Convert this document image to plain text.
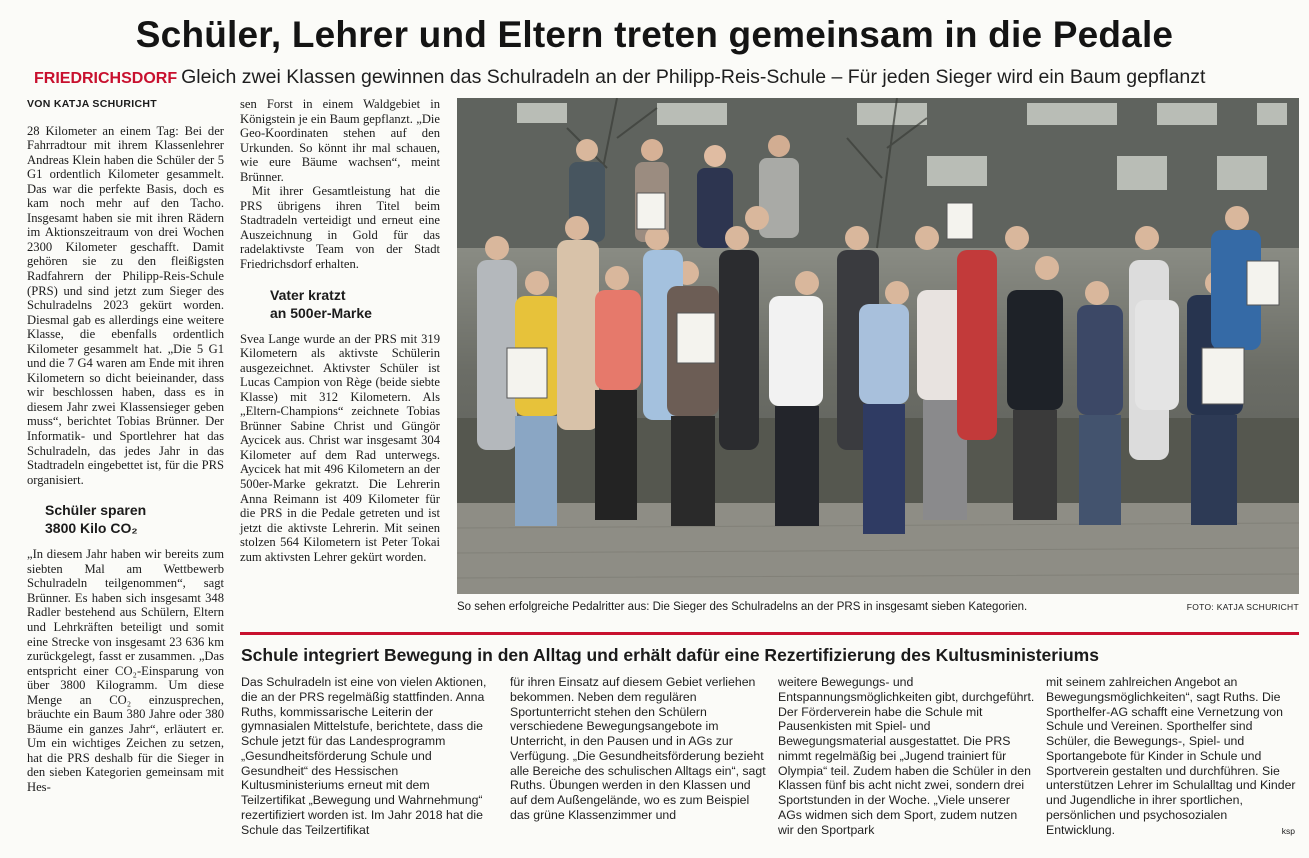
Schüler, Lehrer und Eltern treten gemeinsam in die Pedale
FRIEDRICHSDORF Gleich zwei Klassen gewinnen das Schulradeln an der Philipp-Reis-Schule – Für jeden Sieger wird ein Baum gepflanzt
VON KATJA SCHURICHT

28 Kilometer an einem Tag: Bei der Fahrradtour mit ihrem Klassenlehrer Andreas Klein haben die Schüler der 5 G1 ordentlich Kilometer gesammelt. Das war die perfekte Basis, doch es kam noch mehr auf den Tacho. Insgesamt haben sie mit ihren Rädern im Aktionszeitraum von drei Wochen 2300 Kilometer geschafft. Damit gehören sie zu den fleißigsten Radfahrern der Philipp-Reis-Schule (PRS) und sind jetzt zum Sieger des Schulradelns 2023 gekürt worden. Diesmal gab es allerdings eine weitere Klasse, die ebenfalls ordentlich Kilometer gesammelt hat. „Die 5 G1 und die 7 G4 waren am Ende mit ihren Kilometern so dicht beieinander, dass wir beschlossen haben, dass es in diesem Jahr zwei Klassensieger geben muss“, berichtet Tobias Brünner. Der Informatik- und Sportlehrer hat das Schulradeln, das jedes Jahr in das Stadtradeln eingebettet ist, für die PRS organisiert.

Schüler sparen
3800 Kilo CO₂

„In diesem Jahr haben wir bereits zum siebten Mal am Wettbewerb Schulradeln teilgenommen“, sagt Brünner. Es haben sich insgesamt 348 Radler bestehend aus Schülern, Eltern und Lehrkräften beteiligt und somit eine Strecke von insgesamt 23 636 km zurückgelegt, fasst er zusammen. „Das entspricht einer CO₂-Einsparung von über 3800 Kilogramm. Um diese Menge an CO₂ einzusprechen, bräuchte ein Baum 380 Jahre oder 380 Bäume ein ganzes Jahr“, erläutert er. Um ein wichtiges Zeichen zu setzen, hat die PRS deshalb für die Sieger in den sieben Kategorien gemeinsam mit Hes-

sen Forst in einem Waldgebiet in Königstein je ein Baum gepflanzt. „Die Geo-Koordinaten stehen auf den Urkunden. So könnt ihr mal schauen, wie eure Bäume wachsen“, meint Brünner.

Mit ihrer Gesamtleistung hat die PRS übrigens ihren Titel beim Stadtradeln verteidigt und erneut eine Auszeichnung in Gold für das radelaktivste Team von der Stadt Friedrichsdorf erhalten.

Vater kratzt
an 500er-Marke

Svea Lange wurde an der PRS mit 319 Kilometern als aktivste Schülerin ausgezeichnet. Aktivster Schüler ist Lucas Campion von Rège (beide siebte Klasse) mit 312 Kilometern. Als „Eltern-Champions“ zeichnete Tobias Brünner Sabine Christ und Güngör Aycicek aus. Christ war insgesamt 304 Kilometer auf dem Rad unterwegs. Aycicek hat mit 496 Kilometern an der 500er-Marke gekratzt. Die Lehrerin Anna Reimann ist 409 Kilometer für die PRS in die Pedale getreten und ist jetzt die aktivste Lehrerin. Mit seinen stolzen 564 Kilometern ist Peter Tokai zum aktivsten Lehrer gekürt worden.

So sehen erfolgreiche Pedalritter aus: Die Sieger des Schulradelns an der PRS in insgesamt sieben Kategorien.	FOTO: KATJA SCHURICHT
Schule integriert Bewegung in den Alltag und erhält dafür eine Rezertifizierung des Kultusministeriums

Das Schulradeln ist eine von vielen Aktionen, die an der PRS regelmäßig stattfinden. Anna Ruths, kommissarische Leiterin der gymnasialen Mittelstufe, berichtete, dass die Schule jetzt für das Landesprogramm „Gesundheitsförderung Schule und Gesundheit“ des Hessischen Kultusministeriums erneut mit dem Teilzertifikat „Bewegung und Wahrnehmung“ rezertifiziert worden ist. Im Jahr 2018 hat die Schule das Teilzertifikat

für ihren Einsatz auf diesem Gebiet verliehen bekommen. Neben dem regulären Sportunterricht stehen den Schülern verschiedene Bewegungsangebote im Unterricht, in den Pausen und in AGs zur Verfügung. „Die Gesundheitsförderung bezieht alle Bereiche des schulischen Alltags ein“, sagt Ruths. Übungen werden in den Klassen und auf dem Außengelände, wo es zum Beispiel das grüne Klassenzimmer und

weitere Bewegungs- und Entspannungsmöglichkeiten gibt, durchgeführt. Der Förderverein habe die Schule mit Pausenkisten mit Spiel- und Bewegungsmaterial ausgestattet. Die PRS nimmt regelmäßig bei „Jugend trainiert für Olympia“ teil. Zudem haben die Schüler in den Klassen fünf bis acht nicht zwei, sondern drei Sportstunden in der Woche. „Viele unserer AGs widmen sich dem Sport, zudem nutzen wir den Sportpark

mit seinem zahlreichen Angebot an Bewegungsmöglichkeiten“, sagt Ruths. Die Sporthelfer-AG schafft eine Vernetzung von Schule und Vereinen. Sporthelfer sind Schüler, die Bewegungs-, Spiel- und Sportangebote für Kinder in Schule und Sportverein gestalten und durchführen. Sie unterstützen Lehrer im Schulalltag und Kinder und Jugendliche in ihrer sportlichen, persönlichen und psychosozialen Entwicklung.	ksp
